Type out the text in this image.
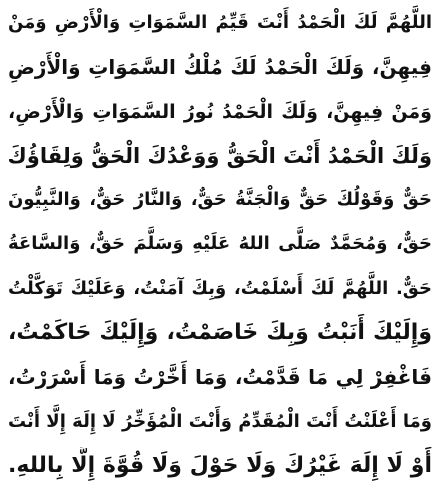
اللَّهُمَّ لَكَ الْحَمْدُ أَنْتَ قَيِّمُ السَّمَوَاتِ وَالْأَرْضِ وَمَنْ
فِيهِنَّ، وَلَكَ الْحَمْدُ لَكَ مُلْكُ السَّمَوَاتِ وَالْأَرْضِ
وَمَنْ فِيهِنَّ، وَلَكَ الْحَمْدُ نُورُ السَّمَوَاتِ وَالْأَرْضِ،
وَلَكَ الْحَمْدُ أَنْتَ الْحَقُّ وَوَعْدُكَ الْحَقُّ وَلِقَاؤُكَ
حَقٌّ وَقَوْلُكَ حَقٌّ وَالْجَنَّةُ حَقٌّ، وَالنَّارُ حَقٌّ، وَالنَّبِيُّونَ
حَقٌّ، وَمُحَمَّدٌ صَلَّى اللهُ عَلَيْهِ وَسَلَّمَ حَقٌّ، وَالسَّاعَةُ
حَقٌّ. اللَّهُمَّ لَكَ أَسْلَمْتُ، وَبِكَ آمَنْتُ، وَعَلَيْكَ تَوَكَّلْتُ
وَإِلَيْكَ أَنَبْتُ وَبِكَ خَاصَمْتُ، وَإِلَيْكَ حَاكَمْتُ،
فَاغْفِرْ لِي مَا قَدَّمْتُ، وَمَا أَخَّرْتُ وَمَا أَسْرَرْتُ،
وَمَا أَعْلَنْتُ أَنْتَ الْمُقَدِّمُ وَأَنْتَ الْمُؤَخِّرُ لَا إِلَهَ إِلَّا أَنْتَ
أَوْ لَا إِلَهَ غَيْرُكَ وَلَا حَوْلَ وَلَا قُوَّةَ إِلَّا بِاللهِ.
